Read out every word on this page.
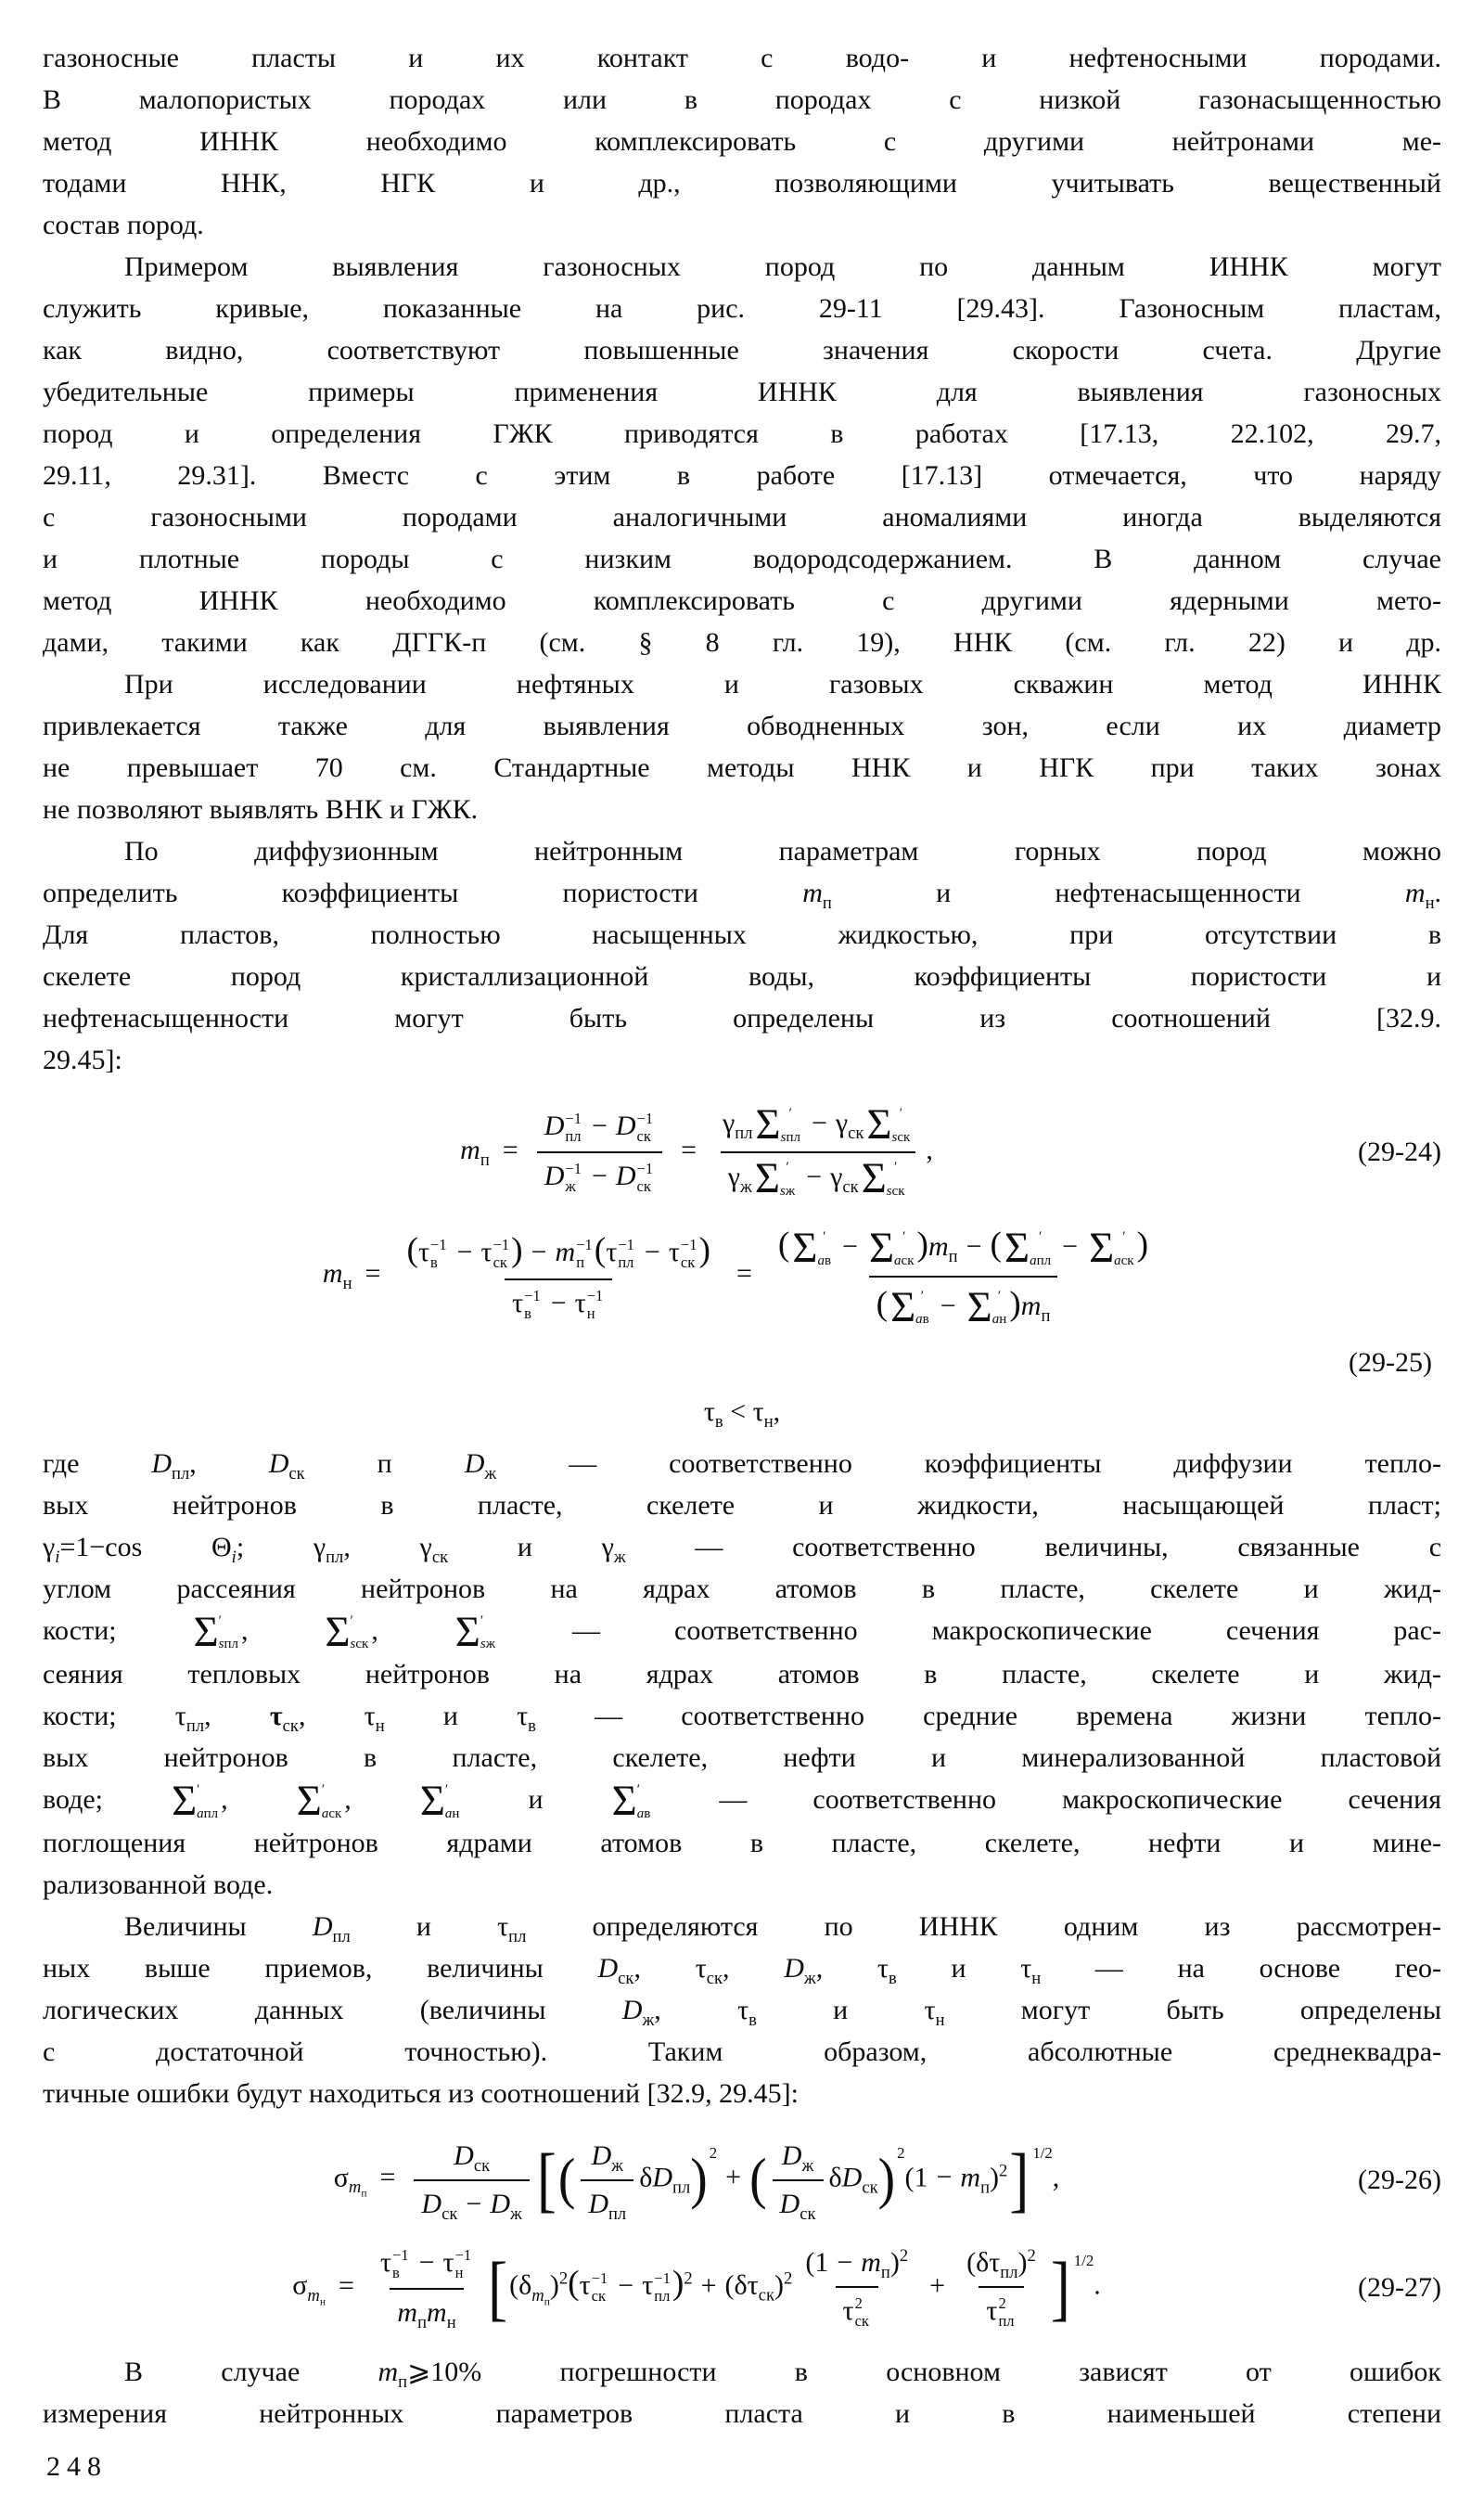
газоносные пласты и их контакт с водо- и нефтеносными породами.
В малопористых породах или в породах с низкой газонасыщенностью
метод ИННК необходимо комплексировать с другими нейтронами ме-
тодами ННК, НГК и др., позволяющими учитывать вещественный
состав пород.

Примером выявления газоносных пород по данным ИННК могут
служить кривые, показанные на рис. 29-11 [29.43]. Газоносным пластам,
как видно, соответствуют повышенные значения скорости счета. Другие
убедительные примеры применения ИННК для выявления газоносных
пород и определения ГЖК приводятся в работах [17.13, 22.102, 29.7,
29.11, 29.31]. Вместс с этим в работе [17.13] отмечается, что наряду
с газоносными породами аналогичными аномалиями иногда выделяются
и плотные породы с низким водородсодержанием. В данном случае
метод ИННК необходимо комплексировать с другими ядерными мето-
дами, такими как ДГГК-п (см. § 8 гл. 19), ННК (см. гл. 22) и др.

При исследовании нефтяных и газовых скважин метод ИННК
привлекается также для выявления обводненных зон, если их диаметр
не превышает 70 см. Стандартные методы ННК и НГК при таких зонах
не позволяют выявлять ВНК и ГЖК.

По диффузионным нейтронным параметрам горных пород можно
определить коэффициенты пористости $m_п$ и нефтенасыщенности $m_н$.
Для пластов, полностью насыщенных жидкостью, при отсутствии в
скелете пород кристаллизационной воды, коэффициенты пористости и
нефтенасыщенности могут быть определены из соотношений [32.9.
29.45]:

$m_п$ =
D −1
пл − D −1
ск
D −1
ж − D −1
ск
=
$\gamma_{пл}$ Σ ′
sпл − $\gamma_{ск}$ Σ ′
sск
$\gamma_ж$ Σ ′
sж − $\gamma_{ск}$ Σ ′
sск
,	(29-24)
$m_н$ =
(τ −1
в − τ −1
ск ) − m −1
п (τ −1
пл − τ −1
ск )
τ −1
в − τ −1
н
=
( Σ ′
aв − Σ ′
aск )$m_п$ − ( Σ ′
aпл − Σ ′
aск )
( Σ ′
aв − Σ ′
aн )$m_п$
(29-25)
$\tau_в < \tau_н$,

где $D_{пл}$, $D_{ск}$ п $D_ж$ — соответственно коэффициенты диффузии тепло-
вых нейтронов в пласте, скелете и жидкости, насыщающей пласт;
$\gamma_i=1-\cos$ $\Theta_i$; $\gamma_{пл}$, $\gamma_{ск}$ и $\gamma_ж$ — соответственно величины, связанные с
углом рассеяния нейтронов на ядрах атомов в пласте, скелете и жид-
кости; Σ ′
sпл , Σ ′
sск , Σ ′
sж — соответственно макроскопические сечения рас-
сеяния тепловых нейтронов на ядрах атомов в пласте, скелете и жид-
кости; $\tau_{пл}$, $\tau_{ск}$, $\tau_н$ и $\tau_в$ — соответственно средние времена жизни тепло-
вых нейтронов в пласте, скелете, нефти и минерализованной пластовой
воде; Σ ′
aпл , Σ ′
aск , Σ ′
aн и Σ ′
aв — соответственно макроскопические сечения
поглощения нейтронов ядрами атомов в пласте, скелете, нефти и мине-
рализованной воде.

Величины $D_{пл}$ и $\tau_{пл}$ определяются по ИННК одним из рассмотрен-
ных выше приемов, величины $D_{ск}$, $\tau_{ск}$, $D_ж$, $\tau_в$ и $\tau_н$ — на основе гео-
логических данных (величины $D_ж$, $\tau_в$ и $\tau_н$ могут быть определены
с достаточной точностью). Таким образом, абсолютные среднеквадра-
тичные ошибки будут находиться из соотношений [32.9, 29.45]:

$\sigma_{m_п}=$
$D_{ск}$
$D_{ск} - D_ж$ [( $D_ж$
$D_{пл}$
$\delta D_{пл}$) $^2$+ ( $D_ж$
$D_{ск}$
$\delta D_{ск}$) $^2(1 - m_п)^2$] $^{1/2}$,	(29-26)
$\sigma_{m_н}=$
τ −1
в − τ −1
н
$m_пm_н$ [$(\delta_{m_п})^2(\tau -1$
ск − τ −1
пл )$^2 + (\delta\tau_{ск})^2$
$(1 - m_п)^2$
τ 2
ск
+
$(\delta\tau_{пл})^2$
τ 2
пл ] $^{1/2}$.	(29-27)

В случае $m_п⩾10\%$ погрешности в основном зависят от ошибок
измерения нейтронных параметров пласта и в наименьшей степени

248
